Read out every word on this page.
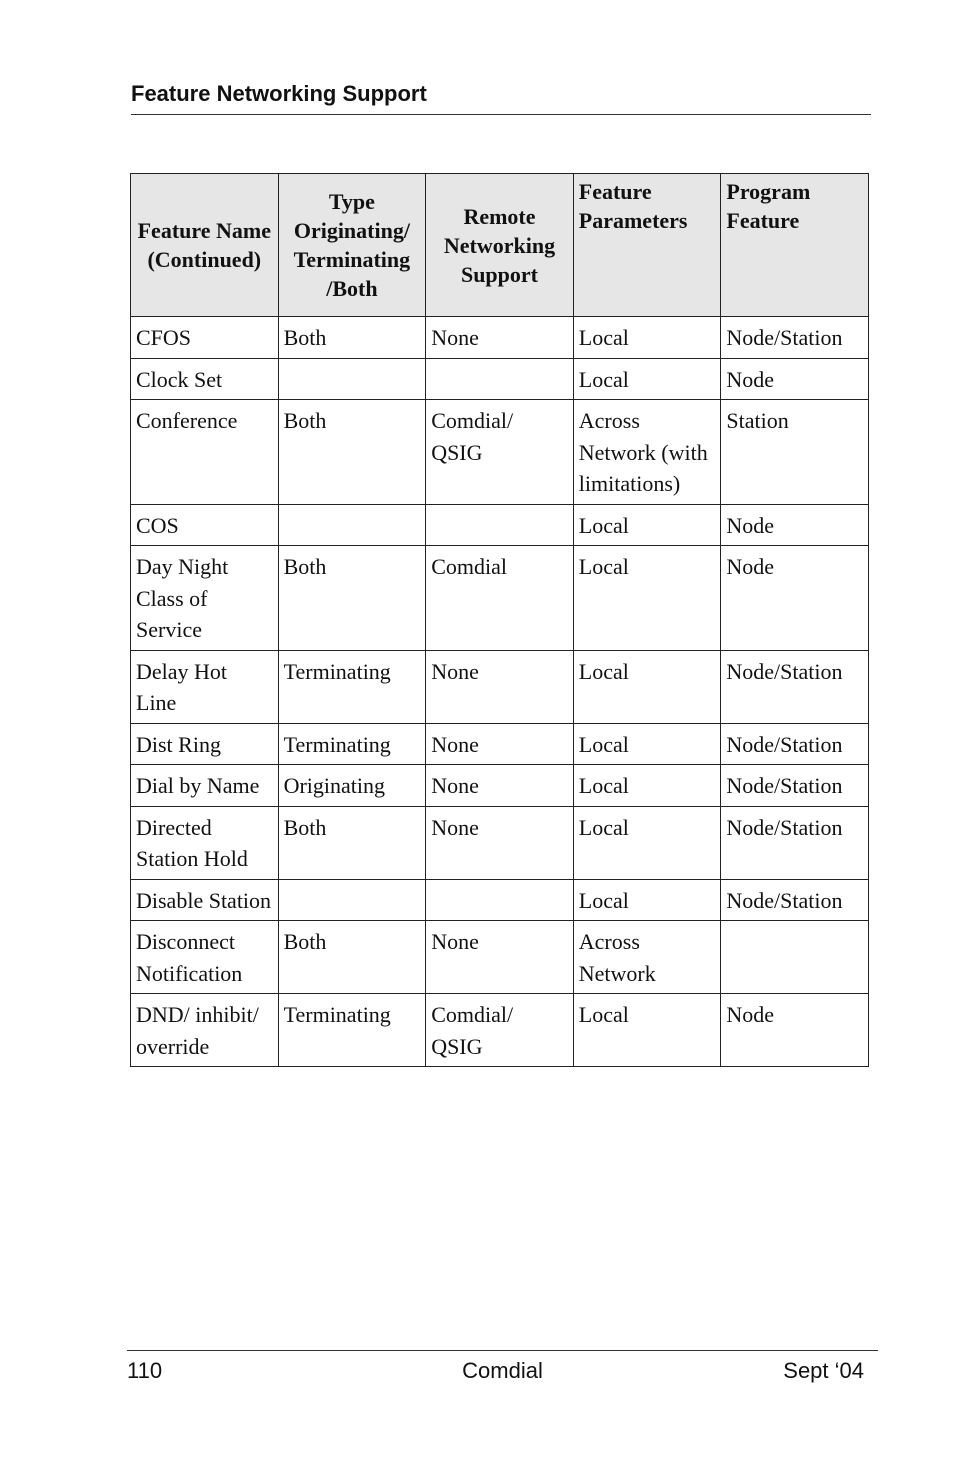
Feature Networking Support
Feature Name (Continued)	Type Originating/ Terminating /Both	Remote Networking Support	Feature Parameters	Program Feature
CFOS	Both	None	Local	Node/Station
Clock Set			Local	Node
Conference	Both	Comdial/ QSIG	Across Network (with limitations)	Station
COS			Local	Node
Day Night Class of Service	Both	Comdial	Local	Node
Delay Hot Line	Terminating	None	Local	Node/Station
Dist Ring	Terminating	None	Local	Node/Station
Dial by Name	Originating	None	Local	Node/Station
Directed Station Hold	Both	None	Local	Node/Station
Disable Station			Local	Node/Station
Disconnect Notification	Both	None	Across Network	
DND/ inhibit/ override	Terminating	Comdial/ QSIG	Local	Node
110	Comdial	Sept ‘04
